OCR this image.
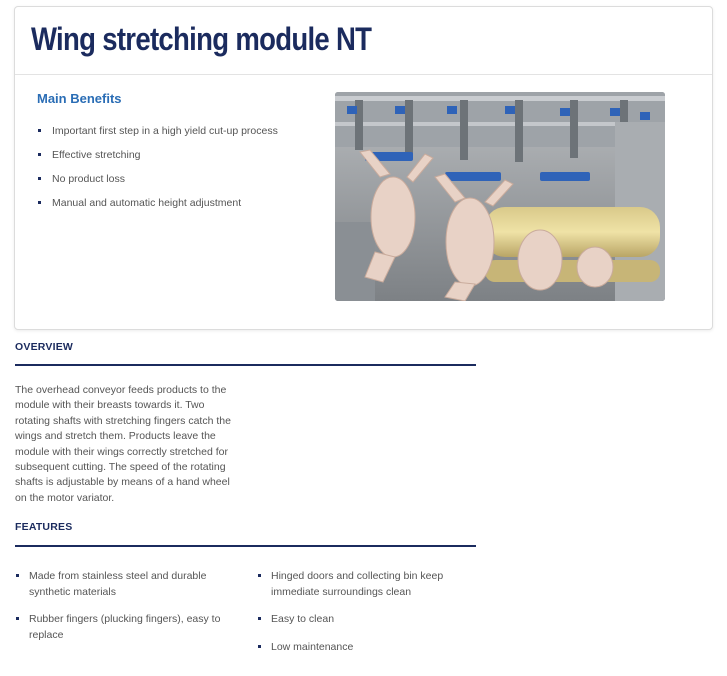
Wing stretching module NT
Main Benefits
Important first step in a high yield cut-up process
Effective stretching
No product loss
Manual and automatic height adjustment
OVERVIEW

The overhead conveyor feeds products to the module with their breasts towards it. Two rotating shafts with stretching fingers catch the wings and stretch them. Products leave the module with their wings correctly stretched for subsequent cutting. The speed of the rotating shafts is adjustable by means of a hand wheel on the motor variator.

FEATURES
Made from stainless steel and durable synthetic materials
Rubber fingers (plucking fingers), easy to replace
Hinged doors and collecting bin keep immediate surroundings clean
Easy to clean
Low maintenance
